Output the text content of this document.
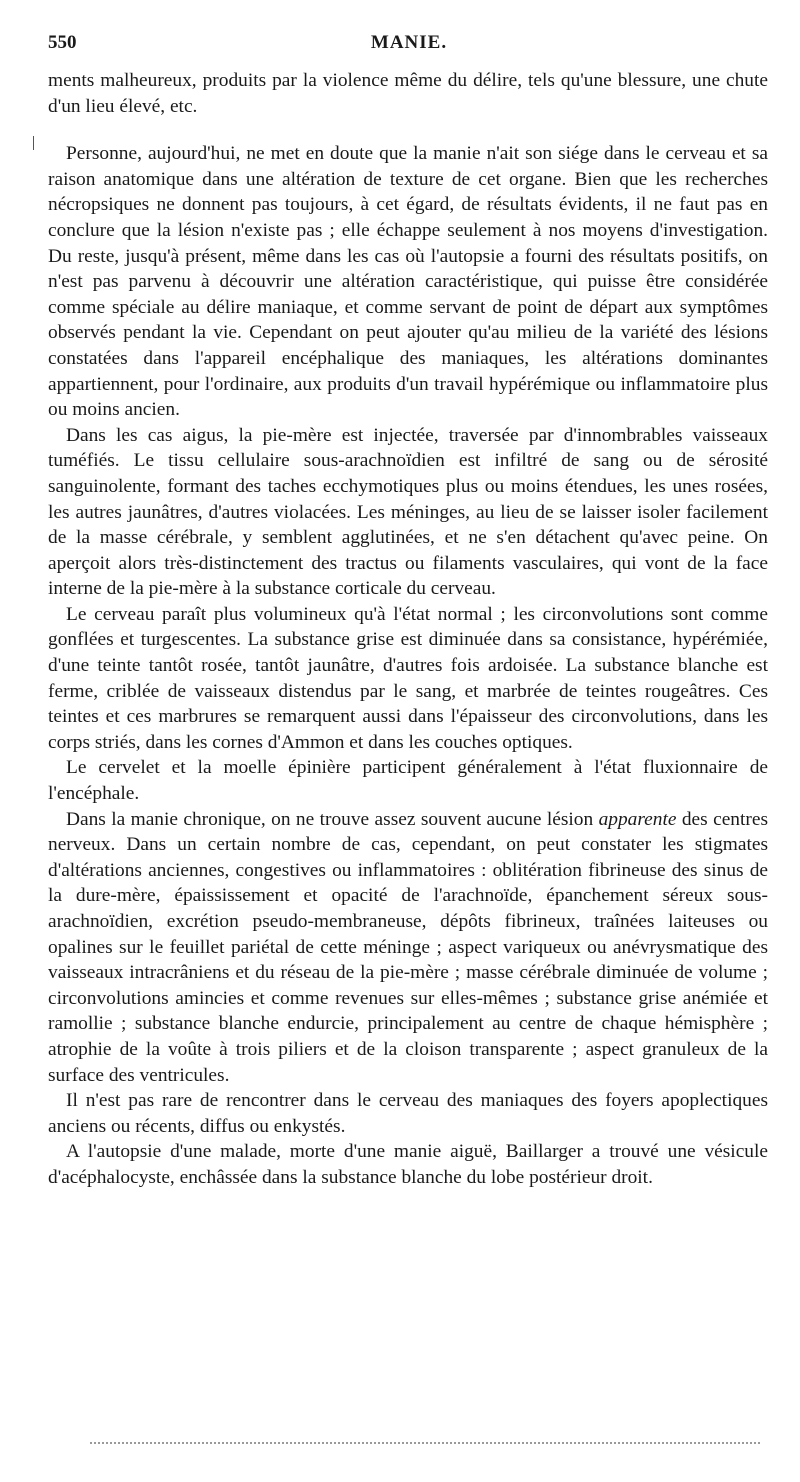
550	MANIE.

ments malheureux, produits par la violence même du délire, tels qu'une blessure, une chute d'un lieu élevé, etc.

Personne, aujourd'hui, ne met en doute que la manie n'ait son siége dans le cerveau et sa raison anatomique dans une altération de texture de cet organe. Bien que les recherches nécropsiques ne donnent pas toujours, à cet égard, de résultats évidents, il ne faut pas en conclure que la lésion n'existe pas ; elle échappe seulement à nos moyens d'investigation. Du reste, jusqu'à présent, même dans les cas où l'autopsie a fourni des résultats positifs, on n'est pas parvenu à découvrir une altération caractéristique, qui puisse être considérée comme spéciale au délire maniaque, et comme servant de point de départ aux symptômes observés pendant la vie. Cependant on peut ajouter qu'au milieu de la variété des lésions constatées dans l'appareil encéphalique des maniaques, les altérations dominantes appartiennent, pour l'ordinaire, aux produits d'un travail hypérémique ou inflammatoire plus ou moins ancien.

Dans les cas aigus, la pie-mère est injectée, traversée par d'innombrables vaisseaux tuméfiés. Le tissu cellulaire sous-arachnoïdien est infiltré de sang ou de sérosité sanguinolente, formant des taches ecchymotiques plus ou moins étendues, les unes rosées, les autres jaunâtres, d'autres violacées. Les méninges, au lieu de se laisser isoler facilement de la masse cérébrale, y semblent agglutinées, et ne s'en détachent qu'avec peine. On aperçoit alors très-distinctement des tractus ou filaments vasculaires, qui vont de la face interne de la pie-mère à la substance corticale du cerveau.

Le cerveau paraît plus volumineux qu'à l'état normal ; les circonvolutions sont comme gonflées et turgescentes. La substance grise est diminuée dans sa consistance, hypérémiée, d'une teinte tantôt rosée, tantôt jaunâtre, d'autres fois ardoisée. La substance blanche est ferme, criblée de vaisseaux distendus par le sang, et marbrée de teintes rougeâtres. Ces teintes et ces marbrures se remarquent aussi dans l'épaisseur des circonvolutions, dans les corps striés, dans les cornes d'Ammon et dans les couches optiques.

Le cervelet et la moelle épinière participent généralement à l'état fluxionnaire de l'encéphale.

Dans la manie chronique, on ne trouve assez souvent aucune lésion apparente des centres nerveux. Dans un certain nombre de cas, cependant, on peut constater les stigmates d'altérations anciennes, congestives ou inflammatoires : oblitération fibrineuse des sinus de la dure-mère, épaississement et opacité de l'arachnoïde, épanchement séreux sous-arachnoïdien, excrétion pseudo-membraneuse, dépôts fibrineux, traînées laiteuses ou opalines sur le feuillet pariétal de cette méninge ; aspect variqueux ou anévrysmatique des vaisseaux intracrâniens et du réseau de la pie-mère ; masse cérébrale diminuée de volume ; circonvolutions amincies et comme revenues sur elles-mêmes ; substance grise anémiée et ramollie ; substance blanche endurcie, principalement au centre de chaque hémisphère ; atrophie de la voûte à trois piliers et de la cloison transparente ; aspect granuleux de la surface des ventricules.

Il n'est pas rare de rencontrer dans le cerveau des maniaques des foyers apoplectiques anciens ou récents, diffus ou enkystés.

A l'autopsie d'une malade, morte d'une manie aiguë, Baillarger a trouvé une vésicule d'acéphalocyste, enchâssée dans la substance blanche du lobe postérieur droit.
